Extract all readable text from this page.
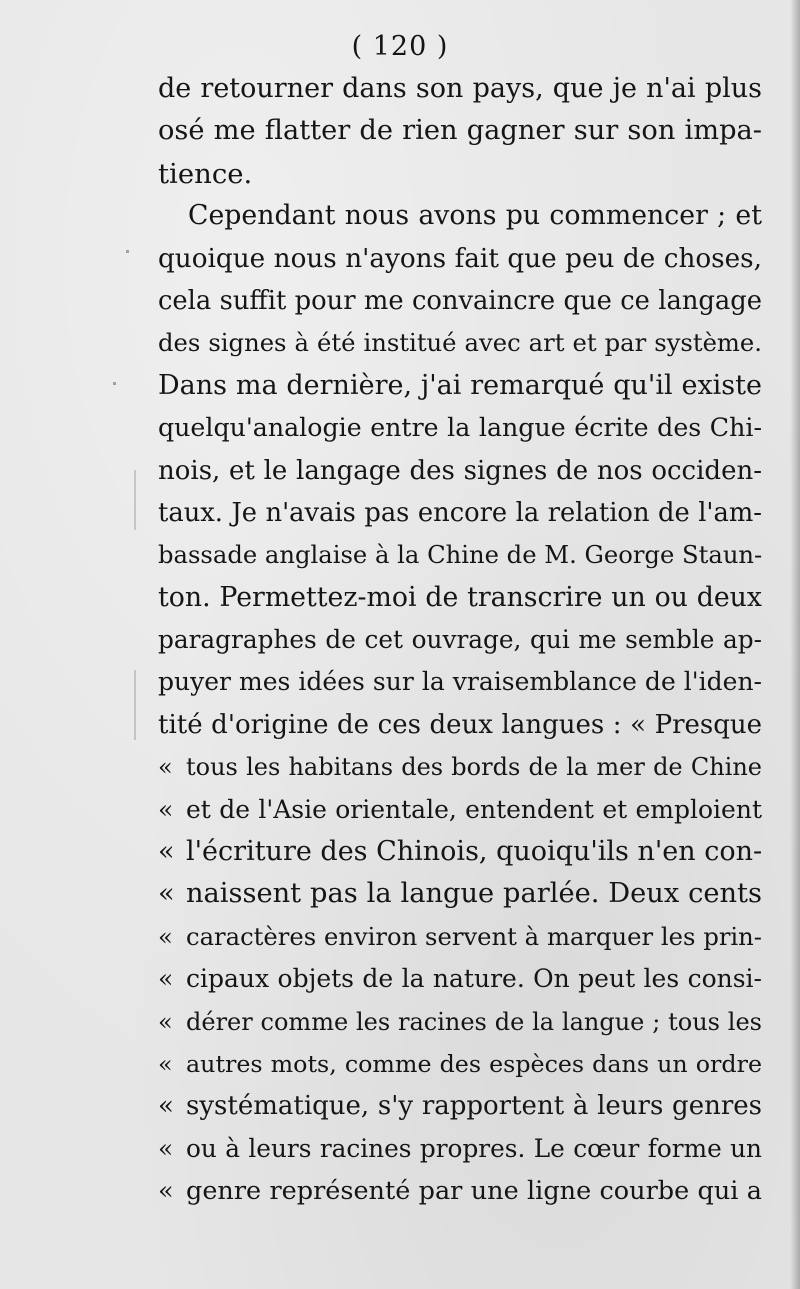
( 120 )
de retourner dans son pays, que je n'ai plus
osé me flatter de rien gagner sur son impa-
tience.
Cependant nous avons pu commencer ; et
quoique nous n'ayons fait que peu de choses,
cela suffit pour me convaincre que ce langage
des signes à été institué avec art et par système.
Dans ma dernière, j'ai remarqué qu'il existe
quelqu'analogie entre la langue écrite des Chi-
nois, et le langage des signes de nos occiden-
taux. Je n'avais pas encore la relation de l'am-
bassade anglaise à la Chine de M. George Staun-
ton. Permettez-moi de transcrire un ou deux
paragraphes de cet ouvrage, qui me semble ap-
puyer mes idées sur la vraisemblance de l'iden-
tité d'origine de ces deux langues : « Presque
« tous les habitans des bords de la mer de Chine
« et de l'Asie orientale, entendent et emploient
« l'écriture des Chinois, quoiqu'ils n'en con-
« naissent pas la langue parlée. Deux cents
« caractères environ servent à marquer les prin-
« cipaux objets de la nature. On peut les consi-
« dérer comme les racines de la langue ; tous les
« autres mots, comme des espèces dans un ordre
« systématique, s'y rapportent à leurs genres
« ou à leurs racines propres. Le cœur forme un
« genre représenté par une ligne courbe qui a
